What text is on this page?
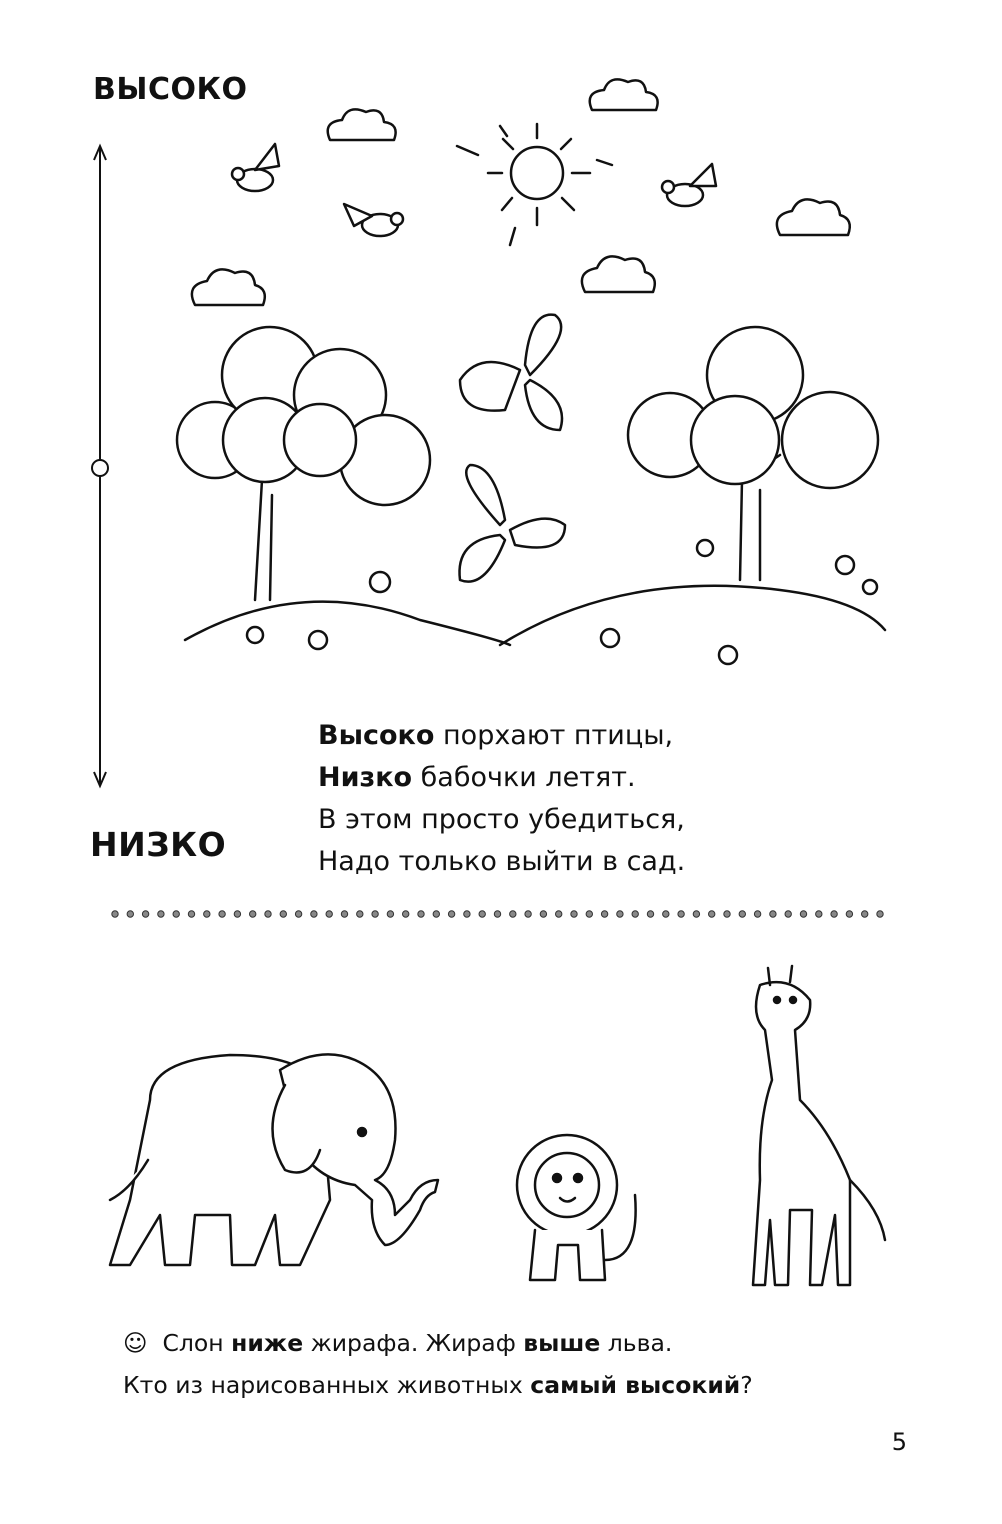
ВЫСОКО
НИЗКО
Высоко порхают птицы,
Низко бабочки летят.
В этом просто убедиться,
Надо только выйти в сад.
☺  Слон ниже жирафа. Жираф выше льва.
Кто из нарисованных животных самый высокий?
5
